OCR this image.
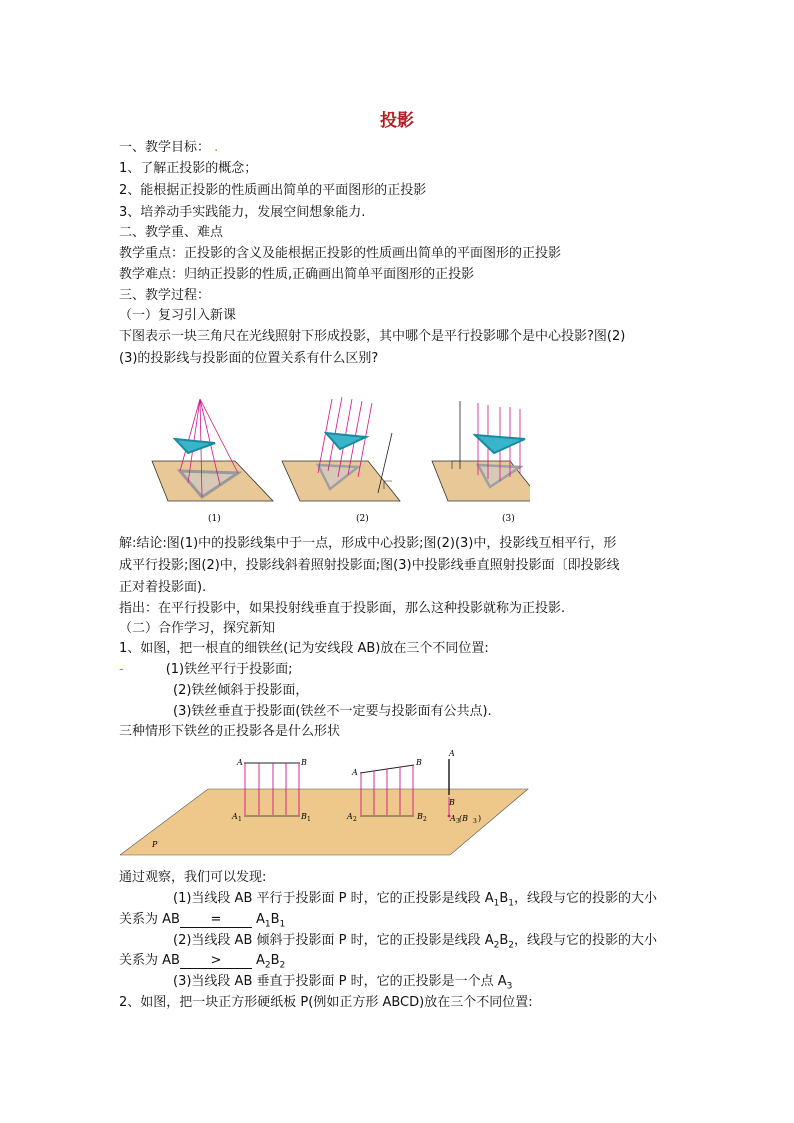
投影
一、教学目标： .
1、了解正投影的概念；
2、能根据正投影的性质画出简单的平面图形的正投影
3、培养动手实践能力，发展空间想象能力.
二、教学重、难点
教学重点：正投影的含义及能根据正投影的性质画出简单的平面图形的正投影
教学难点：归纳正投影的性质,正确画出简单平面图形的正投影
三、教学过程：
（一）复习引入新课
下图表示一块三角尺在光线照射下形成投影，其中哪个是平行投影哪个是中心投影?图(2)
(3)的投影线与投影面的位置关系有什么区别?
(1)	(2)	(3)
解:结论:图(1)中的投影线集中于一点，形成中心投影;图(2)(3)中，投影线互相平行，形
成平行投影;图(2)中，投影线斜着照射投影面;图(3)中投影线垂直照射投影面〔即投影线
正对着投影面).
指出：在平行投影中，如果投射线垂直于投影面，那么这种投影就称为正投影.
（二）合作学习，探究新知
1、如图，把一根直的细铁丝(记为安线段 AB)放在三个不同位置:
-	(1)铁丝平行于投影面;
(2)铁丝倾斜于投影面，
(3)铁丝垂直于投影面(铁丝不一定要与投影面有公共点).
三种情形下铁丝的正投影各是什么形状
A	B
A
B
A
B
A 1	B 1	A 2	B 2	A 3 (B 3 )
P
通过观察，我们可以发现:
(1)当线段 AB 平行于投影面 P 时，它的正投影是线段 $A_1B_1$，线段与它的投影的大小
关系为 AB =	$A_1B_1$
(2)当线段 AB 倾斜于投影面 P 时，它的正投影是线段 $A_2B_2$，线段与它的投影的大小
关系为 AB >	$A_2B_2$
(3)当线段 AB 垂直于投影面 P 时，它的正投影是一个点 $A_3$
2、如图，把一块正方形硬纸板 P(例如正方形 ABCD)放在三个不同位置:
